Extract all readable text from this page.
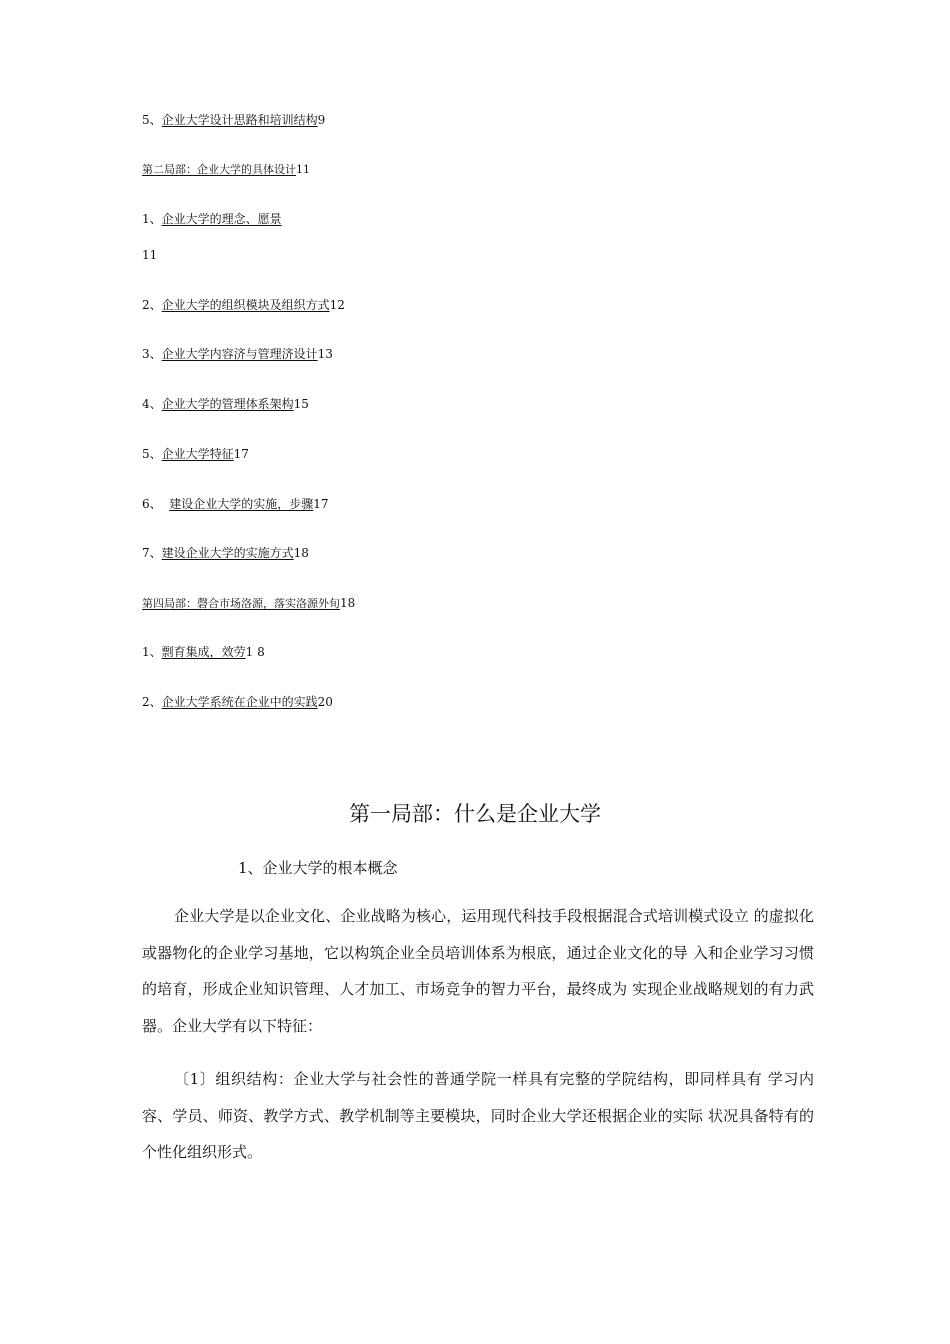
5、企业大学设计思路和培训结构9
第二局部：企业大学的具体设计11
1、企业大学的理念、愿景
11
2、企业大学的组织模块及组织方式12
3、企业大学内容济与管理济设计13
4、企业大学的管理体系架构15
5、企业大学特征17
6、  建设企业大学的实施，步骤17
7、建设企业大学的实施方式18
第四局部：磬合市场洛源，落实洛源外旬18
1、剽育集成，效劳1 8
2、企业大学系统在企业中的实践20
第一局部：什么是企业大学
1、企业大学的根本概念

企业大学是以企业文化、企业战略为核心，运用现代科技手段根据混合式培训模式设立 的虚拟化或器物化的企业学习基地，它以构筑企业全员培训体系为根底，通过企业文化的导 入和企业学习习惯的培育，形成企业知识管理、人才加工、市场竞争的智力平台，最终成为 实现企业战略规划的有力武器。企业大学有以下特征：

〔1〕组织结构：企业大学与社会性的普通学院一样具有完整的学院结构，即同样具有 学习内容、学员、师资、教学方式、教学机制等主要模块，同时企业大学还根据企业的实际 状况具备特有的个性化组织形式。
